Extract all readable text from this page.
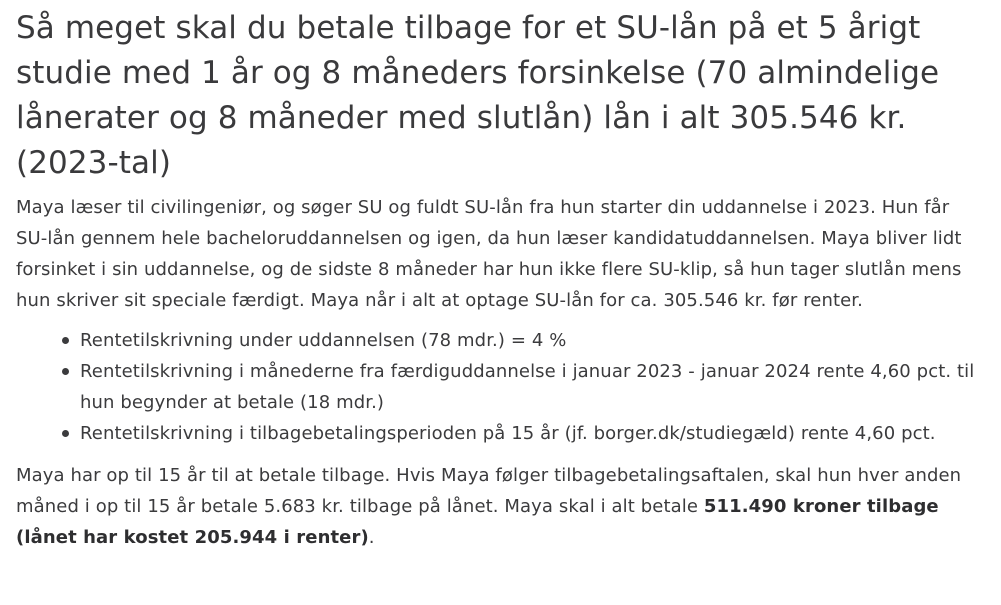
Så meget skal du betale tilbage for et SU-lån på et 5 årigt studie med 1 år og 8 måneders forsinkelse (70 almindelige lånerater og 8 måneder med slutlån) lån i alt 305.546 kr. (2023-tal)

Maya læser til civilingeniør, og søger SU og fuldt SU-lån fra hun starter din uddannelse i 2023. Hun får SU-lån gennem hele bacheloruddannelsen og igen, da hun læser kandidatuddannelsen. Maya bliver lidt forsinket i sin uddannelse, og de sidste 8 måneder har hun ikke flere SU-klip, så hun tager slutlån mens hun skriver sit speciale færdigt. Maya når i alt at optage SU-lån for ca. 305.546 kr. før renter.

Rentetilskrivning under uddannelsen (78 mdr.) = 4 %
Rentetilskrivning i månederne fra færdiguddannelse i januar 2023 - januar 2024 rente 4,60 pct. til hun begynder at betale (18 mdr.)
Rentetilskrivning i tilbagebetalingsperioden på 15 år (jf. borger.dk/studiegæld) rente 4,60 pct.

Maya har op til 15 år til at betale tilbage. Hvis Maya følger tilbagebetalingsaftalen, skal hun hver anden måned i op til 15 år betale 5.683 kr. tilbage på lånet. Maya skal i alt betale 511.490 kroner tilbage (lånet har kostet 205.944 i renter).
